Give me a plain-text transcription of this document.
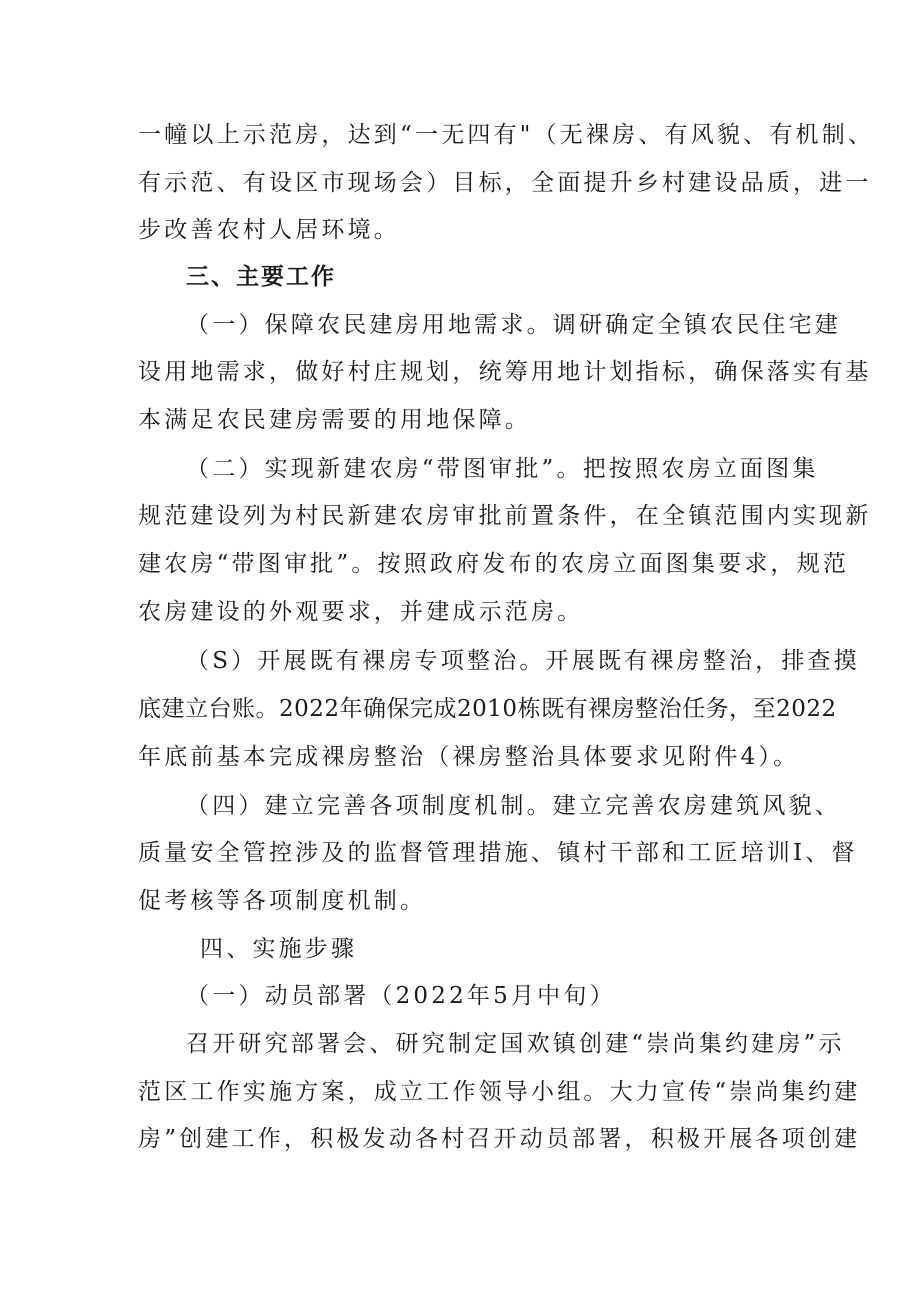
一幢以上示范房，达到“一无四有"（无裸房、有风貌、有机制、
有示范、有设区市现场会）目标，全面提升乡村建设品质，进一
步改善农村人居环境。
三、主要工作
（一）保障农民建房用地需求。调研确定全镇农民住宅建
设用地需求，做好村庄规划，统筹用地计划指标，确保落实有基
本满足农民建房需要的用地保障。
（二）实现新建农房“带图审批”。把按照农房立面图集
规范建设列为村民新建农房审批前置条件，在全镇范围内实现新
建农房“带图审批”。按照政府发布的农房立面图集要求，规范
农房建设的外观要求，并建成示范房。
（S）开展既有裸房专项整治。开展既有裸房整治，排查摸
底建立台账。2022年确保完成2010栋既有裸房整治任务，至2022
年底前基本完成裸房整治（裸房整治具体要求见附件4）。
（四）建立完善各项制度机制。建立完善农房建筑风貌、
质量安全管控涉及的监督管理措施、镇村干部和工匠培训I、督
促考核等各项制度机制。
四、实施步骤
（一）动员部署（2022年5月中旬）
召开研究部署会、研究制定国欢镇创建“崇尚集约建房”示
范区工作实施方案，成立工作领导小组。大力宣传“崇尚集约建
房”创建工作，积极发动各村召开动员部署，积极开展各项创建
